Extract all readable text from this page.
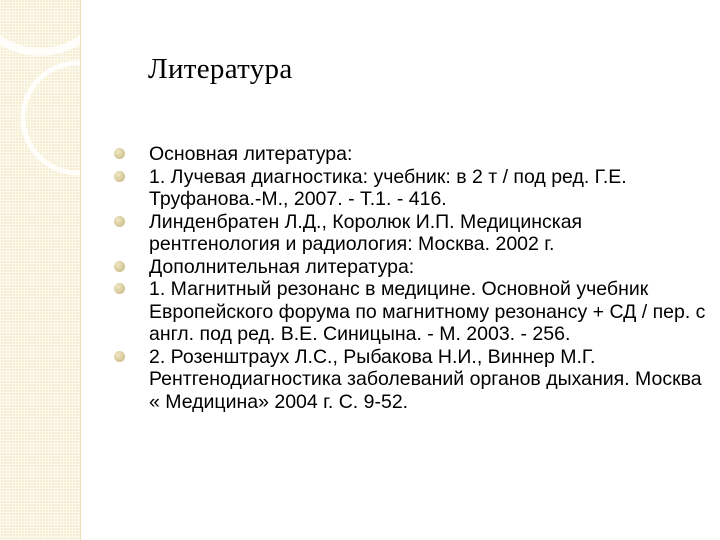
Литература
Основная литература:
1. Лучевая диагностика: учебник: в 2 т / под ред. Г.Е. Труфанова.-М., 2007. - Т.1. - 416.
Линденбратен Л.Д., Королюк И.П. Медицинская рентгенология и радиология: Москва. 2002 г.
Дополнительная литература:
1. Магнитный резонанс в медицине. Основной учебник Европейского форума по магнитному резонансу + СД / пер. с англ. под ред. В.Е. Синицына. - М. 2003. - 256.
2. Розенштраух Л.С., Рыбакова Н.И., Виннер М.Г. Рентгенодиагностика заболеваний органов дыхания. Москва « Медицина» 2004 г. С. 9-52.
